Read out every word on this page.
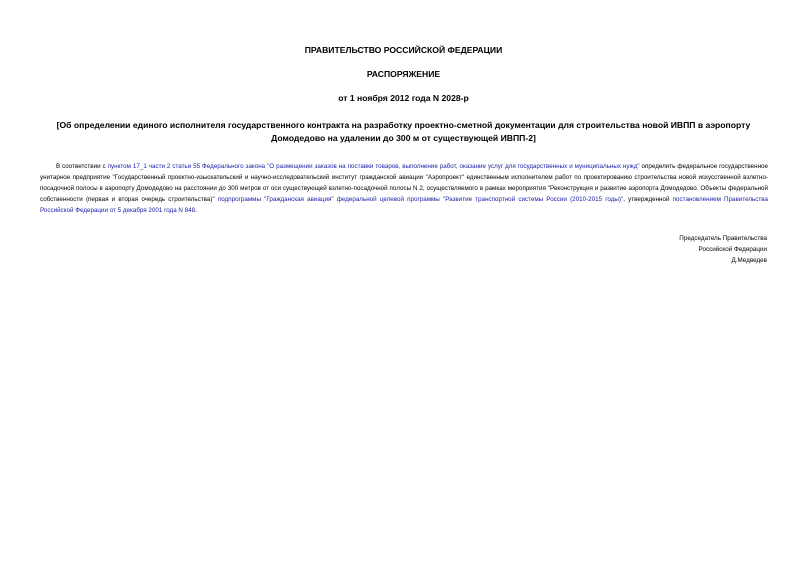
ПРАВИТЕЛЬСТВО РОССИЙСКОЙ ФЕДЕРАЦИИ

РАСПОРЯЖЕНИЕ

от 1 ноября 2012 года N 2028-р

[Об определении единого исполнителя государственного контракта на разработку проектно-сметной документации для строительства новой ИВПП в аэропорту Домодедово на удалении до 300 м от существующей ИВПП-2]

В соответствии с пунктом 17_1 части 2 статьи 55 Федерального закона "О размещении заказов на поставки товаров, выполнение работ, оказание услуг для государственных и муниципальных нужд" определить федеральное государственное унитарное предприятие "Государственный проектно-изыскательский и научно-исследовательский институт гражданской авиации "Аэропроект" единственным исполнителем работ по проектированию строительства новой искусственной взлетно-посадочной полосы в аэропорту Домодедово на расстоянии до 300 метров от оси существующей взлетно-посадочной полосы N 2, осуществляемого в рамках мероприятия "Реконструкция и развитие аэропорта Домодедово. Объекты федеральной собственности (первая и вторая очередь строительства)" подпрограммы "Гражданская авиация" федеральной целевой программы "Развитие транспортной системы России (2010-2015 годы)", утвержденной постановлением Правительства Российской Федерации от 5 декабря 2001 года N 848.

Председатель Правительства
Российской Федерации
Д.Медведев
